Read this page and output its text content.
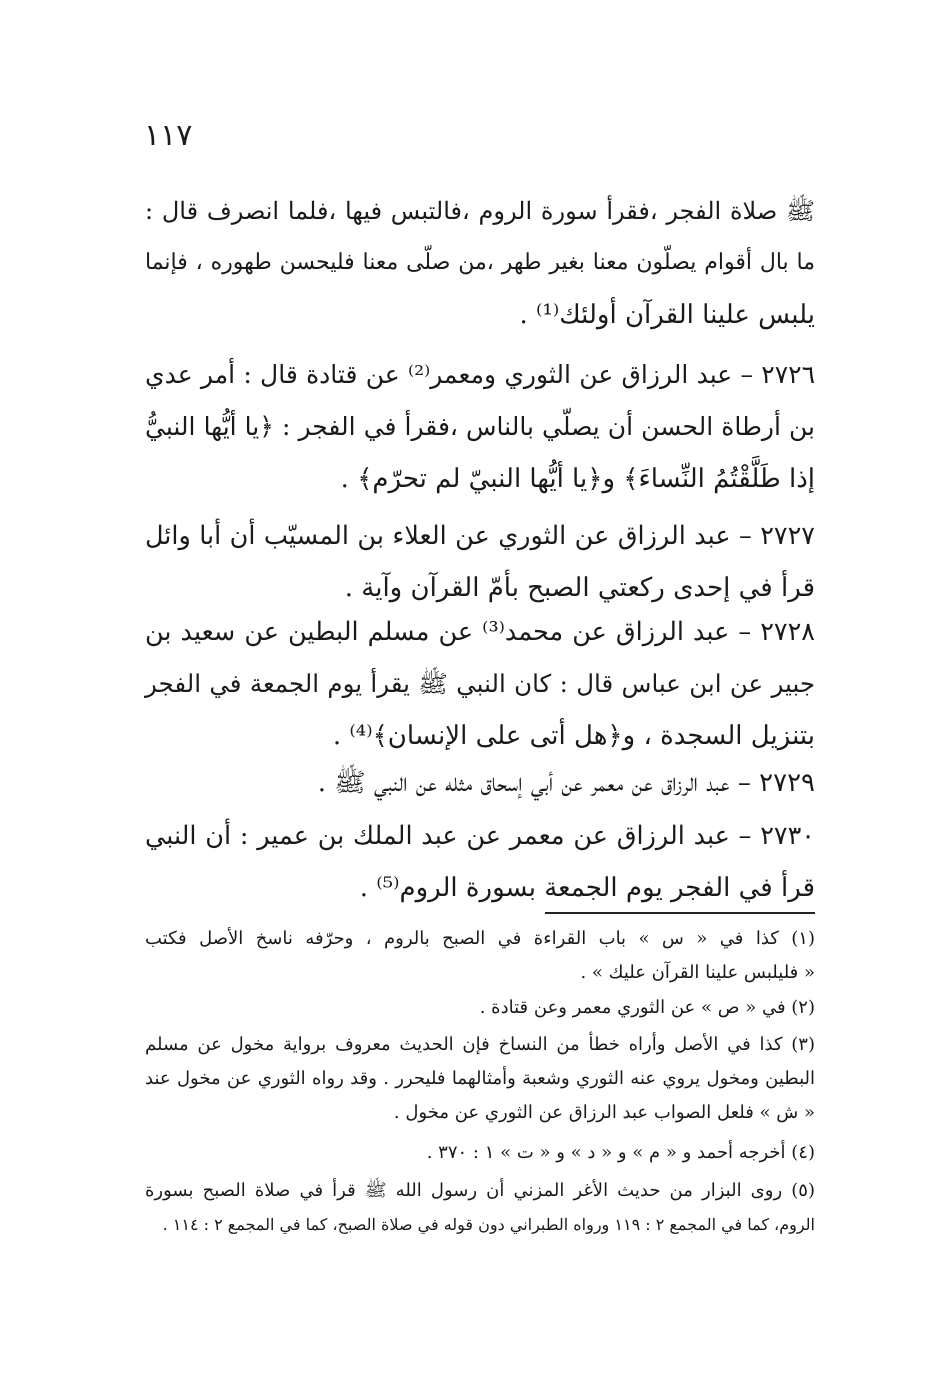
١١٧
ﷺ صلاة الفجر ،فقرأ سورة الروم ،فالتبس فيها ،فلما انصرف قال :
ما بال أقوام يصلّون معنا بغير طهر ،من صلّى معنا فليحسن طهوره ، فإنما
يلبس علينا القرآن أولئك⁽¹⁾ .
٢٧٢٦ – عبد الرزاق عن الثوري ومعمر⁽²⁾ عن قتادة قال : أمر عدي
بن أرطاة الحسن أن يصلّي بالناس ،فقرأ في الفجر : ﴿يا أيُّها النبيُّ
إذا طَلَّقْتُمُ النِّساءَ﴾ و﴿يا أيُّها النبيّ لم تحرّم﴾ .
٢٧٢٧ – عبد الرزاق عن الثوري عن العلاء بن المسيّب أن أبا وائل
قرأ في إحدى ركعتي الصبح بأمّ القرآن وآية .
٢٧٢٨ – عبد الرزاق عن محمد⁽³⁾ عن مسلم البطين عن سعيد بن
جبير عن ابن عباس قال : كان النبي ﷺ يقرأ يوم الجمعة في الفجر
بتنزيل السجدة ، و﴿هل أتى على الإنسان﴾⁽⁴⁾ .
٢٧٢٩ – عبد الرزاق عن معمر عن أبي إسحاق مثله عن النبي ﷺ .
٢٧٣٠ – عبد الرزاق عن معمر عن عبد الملك بن عمير : أن النبي
قرأ في الفجر يوم الجمعة بسورة الروم⁽⁵⁾ .
(١) كذا في « س » باب القراءة في الصبح بالروم ، وحرّفه ناسخ الأصل فكتب
« فليلبس علينا القرآن عليك » .
(٢) في « ص » عن الثوري معمر وعن قتادة .
(٣) كذا في الأصل وأراه خطأ من النساخ فإن الحديث معروف برواية مخول عن مسلم
البطين ومخول يروي عنه الثوري وشعبة وأمثالهما فليحرر . وقد رواه الثوري عن مخول عند
« ش » فلعل الصواب عبد الرزاق عن الثوري عن مخول .
(٤) أخرجه أحمد و « م » و « د » و « ت » ١ : ٣٧٠ .
(٥) روى البزار من حديث الأغر المزني أن رسول الله ﷺ قرأ في صلاة الصبح بسورة
الروم، كما في المجمع ٢ : ١١٩ ورواه الطبراني دون قوله في صلاة الصبح، كما في المجمع ٢ : ١١٤ .
